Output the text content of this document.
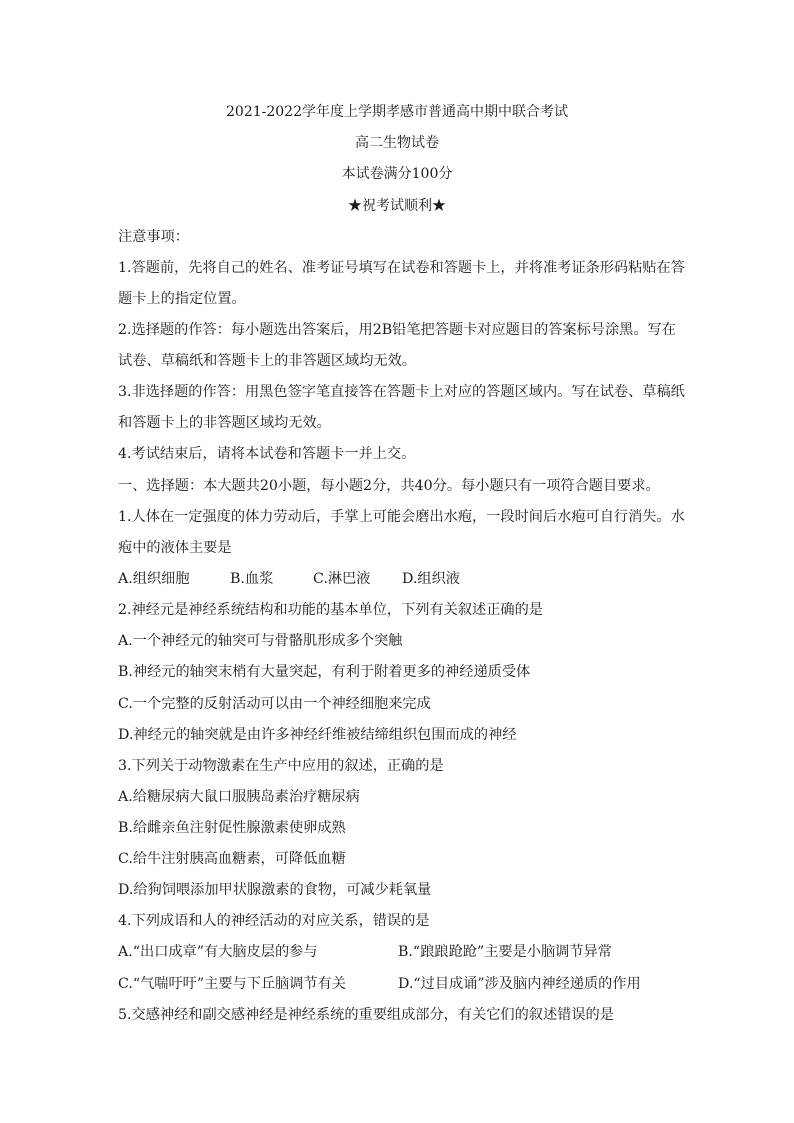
2021-2022学年度上学期孝感市普通高中期中联合考试
高二生物试卷
本试卷满分100分
★祝考试顺利★
注意事项：
1.答题前，先将自己的姓名、准考证号填写在试卷和答题卡上，并将准考证条形码粘贴在答
题卡上的指定位置。
2.选择题的作答：每小题选出答案后，用2B铅笔把答题卡对应题目的答案标号涂黑。写在
试卷、草稿纸和答题卡上的非答题区域均无效。
3.非选择题的作答：用黑色签字笔直接答在答题卡上对应的答题区域内。写在试卷、草稿纸
和答题卡上的非答题区域均无效。
4.考试结束后，请将本试卷和答题卡一并上交。
一、选择题：本大题共20小题，每小题2分，共40分。每小题只有一项符合题目要求。
1.人体在一定强度的体力劳动后，手掌上可能会磨出水疱，一段时间后水疱可自行消失。水
疱中的液体主要是
A.组织细胞	B.血浆	C.淋巴液 D.组织液
2.神经元是神经系统结构和功能的基本单位，下列有关叙述正确的是
A.一个神经元的轴突可与骨骼肌形成多个突触
B.神经元的轴突末梢有大量突起，有利于附着更多的神经递质受体
C.一个完整的反射活动可以由一个神经细胞来完成
D.神经元的轴突就是由许多神经纤维被结缔组织包围而成的神经
3.下列关于动物激素在生产中应用的叙述，正确的是
A.给糖尿病大鼠口服胰岛素治疗糖尿病
B.给雌亲鱼注射促性腺激素使卵成熟
C.给牛注射胰高血糖素，可降低血糖
D.给狗饲喂添加甲状腺激素的食物，可减少耗氧量
4.下列成语和人的神经活动的对应关系，错误的是
A.“出口成章”有大脑皮层的参与	B.“踉踉跄跄”主要是小脑调节异常
C.“气喘吁吁”主要与下丘脑调节有关	D.“过目成诵”涉及脑内神经递质的作用
5.交感神经和副交感神经是神经系统的重要组成部分，有关它们的叙述错误的是
